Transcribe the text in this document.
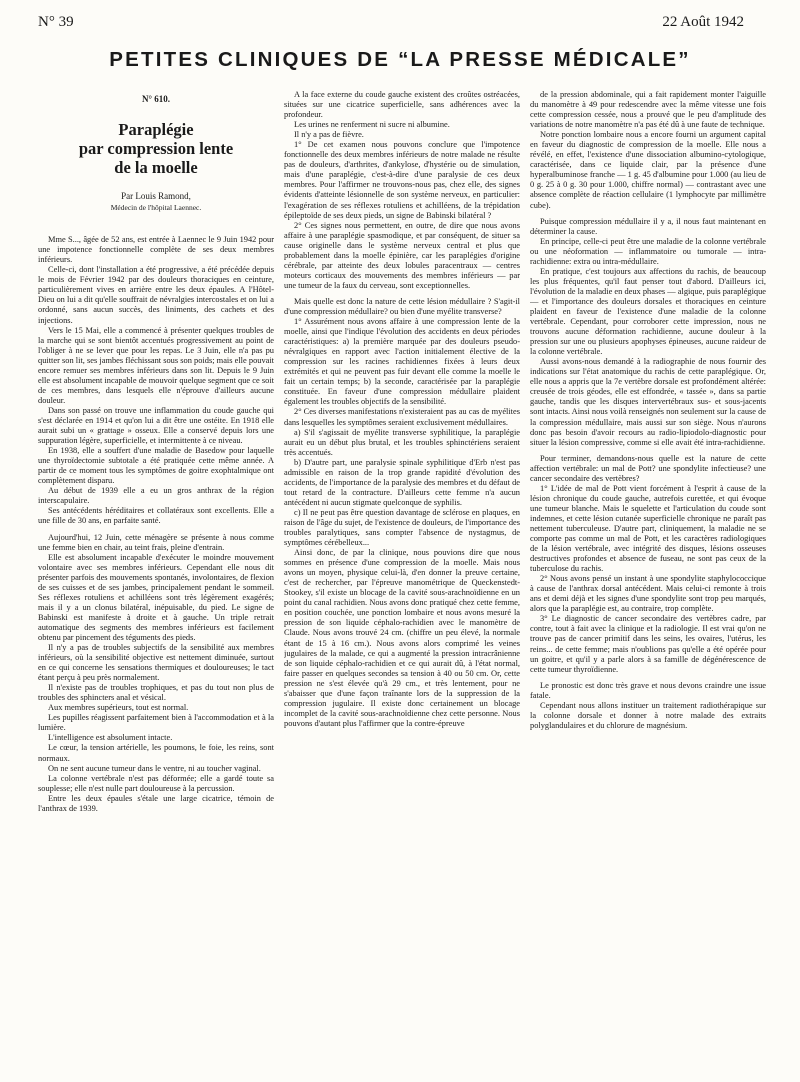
N° 39	22 Août 1942
PETITES CLINIQUES DE “LA PRESSE MÉDICALE”
N° 610.
Paraplégie
par compression lente
de la moelle
Par Louis Ramond,
Médecin de l'hôpital Laennec.

Mme S..., âgée de 52 ans, est entrée à Laennec le 9 Juin 1942 pour une impotence fonctionnelle complète de ses deux membres inférieurs.

Celle-ci, dont l'installation a été progressive, a été précédée depuis le mois de Février 1942 par des douleurs thoraciques en ceinture, particulièrement vives en arrière entre les deux épaules. A l'Hôtel-Dieu on lui a dit qu'elle souffrait de névralgies intercostales et on lui a ordonné, sans aucun succès, des liniments, des cachets et des injections.

Vers le 15 Mai, elle a commencé à présenter quelques troubles de la marche qui se sont bientôt accentués progressivement au point de l'obliger à ne se lever que pour les repas. Le 3 Juin, elle n'a pas pu quitter son lit, ses jambes fléchissant sous son poids; mais elle pouvait encore remuer ses membres inférieurs dans son lit. Depuis le 9 Juin elle est absolument incapable de mouvoir quelque segment que ce soit de ces membres, dans lesquels elle n'éprouve d'ailleurs aucune douleur.

Dans son passé on trouve une inflammation du coude gauche qui s'est déclarée en 1914 et qu'on lui a dit être une ostéite. En 1918 elle aurait subi un « grattage » osseux. Elle a conservé depuis lors une suppuration légère, superficielle, et intermittente à ce niveau.

En 1938, elle a souffert d'une maladie de Basedow pour laquelle une thyroïdectomie subtotale a été pratiquée cette même année. A partir de ce moment tous les symptômes de goitre exophtalmique ont complètement disparu.

Au début de 1939 elle a eu un gros anthrax de la région interscapulaire.

Ses antécédents héréditaires et collatéraux sont excellents. Elle a une fille de 30 ans, en parfaite santé.

Aujourd'hui, 12 Juin, cette ménagère se présente à nous comme une femme bien en chair, au teint frais, pleine d'entrain.

Elle est absolument incapable d'exécuter le moindre mouvement volontaire avec ses membres inférieurs. Cependant elle nous dit présenter parfois des mouvements spontanés, involontaires, de flexion de ses cuisses et de ses jambes, principalement pendant le sommeil. Ses réflexes rotuliens et achilléens sont très légèrement exagérés; mais il y a un clonus bilatéral, inépuisable, du pied. Le signe de Babinski est manifeste à droite et à gauche. Un triple retrait automatique des segments des membres inférieurs est facilement obtenu par pincement des téguments des pieds.

Il n'y a pas de troubles subjectifs de la sensibilité aux membres inférieurs, où la sensibilité objective est nettement diminuée, surtout en ce qui concerne les sensations thermiques et douloureuses; le tact étant perçu à peu près normalement.

Il n'existe pas de troubles trophiques, et pas du tout non plus de troubles des sphincters anal et vésical.

Aux membres supérieurs, tout est normal.

Les pupilles réagissent parfaitement bien à l'accommodation et à la lumière.

L'intelligence est absolument intacte.

Le cœur, la tension artérielle, les poumons, le foie, les reins, sont normaux.

On ne sent aucune tumeur dans le ventre, ni au toucher vaginal.

La colonne vertébrale n'est pas déformée; elle a gardé toute sa souplesse; elle n'est nulle part douloureuse à la percussion.

Entre les deux épaules s'étale une large cicatrice, témoin de l'anthrax de 1939.

A la face externe du coude gauche existent des croûtes ostréacées, situées sur une cicatrice superficielle, sans adhérences avec la profondeur.

Les urines ne renferment ni sucre ni albumine.

Il n'y a pas de fièvre.

1° De cet examen nous pouvons conclure que l'impotence fonctionnelle des deux membres inférieurs de notre malade ne résulte pas de douleurs, d'arthrites, d'ankylose, d'hystérie ou de simulation, mais d'une paraplégie, c'est-à-dire d'une paralysie de ces deux membres. Pour l'affirmer ne trouvons-nous pas, chez elle, des signes évidents d'atteinte lésionnelle de son système nerveux, en particulier: l'exagération de ses réflexes rotuliens et achilléens, de la trépidation épileptoïde de ses deux pieds, un signe de Babinski bilatéral ?

2° Ces signes nous permettent, en outre, de dire que nous avons affaire à une paraplégie spasmodique, et par conséquent, de situer sa cause originelle dans le système nerveux central et plus que probablement dans la moelle épinière, car les paraplégies d'origine cérébrale, par atteinte des deux lobules paracentraux — centres moteurs corticaux des mouvements des membres inférieurs — par une tumeur de la faux du cerveau, sont exceptionnelles.

Mais quelle est donc la nature de cette lésion médullaire ? S'agit-il d'une compression médullaire? ou bien d'une myélite transverse?

1° Assurément nous avons affaire à une compression lente de la moelle, ainsi que l'indique l'évolution des accidents en deux périodes caractéristiques: a) la première marquée par des douleurs pseudo-névralgiques en rapport avec l'action initialement élective de la compression sur les racines rachidiennes fixées à leurs deux extrémités et qui ne peuvent pas fuir devant elle comme la moelle le fait un certain temps; b) la seconde, caractérisée par la paraplégie constituée. En faveur d'une compression médullaire plaident également les troubles objectifs de la sensibilité.

2° Ces diverses manifestations n'existeraient pas au cas de myélites dans lesquelles les symptômes seraient exclusivement médullaires.

a) S'il s'agissait de myélite transverse syphilitique, la paraplégie aurait eu un début plus brutal, et les troubles sphinctériens seraient très accentués.

b) D'autre part, une paralysie spinale syphilitique d'Erb n'est pas admissible en raison de la trop grande rapidité d'évolution des accidents, de l'importance de la paralysie des membres et du défaut de tout retard de la contracture. D'ailleurs cette femme n'a aucun antécédent ni aucun stigmate quelconque de syphilis.

c) Il ne peut pas être question davantage de sclérose en plaques, en raison de l'âge du sujet, de l'existence de douleurs, de l'importance des troubles paralytiques, sans compter l'absence de nystagmus, de symptômes cérébelleux...

Ainsi donc, de par la clinique, nous pouvions dire que nous sommes en présence d'une compression de la moelle. Mais nous avons un moyen, physique celui-là, d'en donner la preuve certaine, c'est de rechercher, par l'épreuve manométrique de Queckenstedt-Stookey, s'il existe un blocage de la cavité sous-arachnoïdienne en un point du canal rachidien. Nous avons donc pratiqué chez cette femme, en position couchée, une ponction lombaire et nous avons mesuré la pression de son liquide céphalo-rachidien avec le manomètre de Claude. Nous avons trouvé 24 cm. (chiffre un peu élevé, la normale étant de 15 à 16 cm.). Nous avons alors comprimé les veines jugulaires de la malade, ce qui a augmenté la pression intracrânienne de son liquide céphalo-rachidien et ce qui aurait dû, à l'état normal, faire passer en quelques secondes sa tension à 40 ou 50 cm. Or, cette pression ne s'est élevée qu'à 29 cm., et très lentement, pour ne s'abaisser que d'une façon traînante lors de la suppression de la compression jugulaire. Il existe donc certainement un blocage incomplet de la cavité sous-arachnoïdienne chez cette personne. Nous pouvons d'autant plus l'affirmer que la contre-épreuve

de la pression abdominale, qui a fait rapidement monter l'aiguille du manomètre à 49 pour redescendre avec la même vitesse une fois cette compression cessée, nous a prouvé que le peu d'amplitude des variations de notre manomètre n'a pas été dû à une faute de technique.

Notre ponction lombaire nous a encore fourni un argument capital en faveur du diagnostic de compression de la moelle. Elle nous a révélé, en effet, l'existence d'une dissociation albumino-cytologique, caractérisée, dans ce liquide clair, par la présence d'une hyperalbuminose franche — 1 g. 45 d'albumine pour 1.000 (au lieu de 0 g. 25 à 0 g. 30 pour 1.000, chiffre normal) — contrastant avec une absence complète de réaction cellulaire (1 lymphocyte par millimètre cube).

Puisque compression médullaire il y a, il nous faut maintenant en déterminer la cause.

En principe, celle-ci peut être une maladie de la colonne vertébrale ou une néoformation — inflammatoire ou tumorale — intra-rachidienne: extra ou intra-médullaire.

En pratique, c'est toujours aux affections du rachis, de beaucoup les plus fréquentes, qu'il faut penser tout d'abord. D'ailleurs ici, l'évolution de la maladie en deux phases — algique, puis paraplégique — et l'importance des douleurs dorsales et thoraciques en ceinture plaident en faveur de l'existence d'une maladie de la colonne vertébrale. Cependant, pour corroborer cette impression, nous ne trouvons aucune déformation rachidienne, aucune douleur à la pression sur une ou plusieurs apophyses épineuses, aucune raideur de la colonne vertébrale.

Aussi avons-nous demandé à la radiographie de nous fournir des indications sur l'état anatomique du rachis de cette paraplégique. Or, elle nous a appris que la 7e vertèbre dorsale est profondément altérée: creusée de trois géodes, elle est effondrée, « tassée », dans sa partie gauche, tandis que les disques intervertébraux sus- et sous-jacents sont intacts. Ainsi nous voilà renseignés non seulement sur la cause de la compression médullaire, mais aussi sur son siège. Nous n'aurons donc pas besoin d'avoir recours au radio-lipiodolo-diagnostic pour situer la lésion compressive, comme si elle avait été intra-rachidienne.

Pour terminer, demandons-nous quelle est la nature de cette affection vertébrale: un mal de Pott? une spondylite infectieuse? une cancer secondaire des vertèbres?

1° L'idée de mal de Pott vient forcément à l'esprit à cause de la lésion chronique du coude gauche, autrefois curettée, et qui évoque une tumeur blanche. Mais le squelette et l'articulation du coude sont indemnes, et cette lésion cutanée superficielle chronique ne paraît pas nettement tuberculeuse. D'autre part, cliniquement, la maladie ne se comporte pas comme un mal de Pott, et les caractères radiologiques de la lésion vertébrale, avec intégrité des disques, lésions osseuses destructives profondes et absence de fuseau, ne sont pas ceux de la tuberculose du rachis.

2° Nous avons pensé un instant à une spondylite staphylococcique à cause de l'anthrax dorsal antécédent. Mais celui-ci remonte à trois ans et demi déjà et les signes d'une spondylite sont trop peu marqués, alors que la paraplégie est, au contraire, trop complète.

3° Le diagnostic de cancer secondaire des vertèbres cadre, par contre, tout à fait avec la clinique et la radiologie. Il est vrai qu'on ne trouve pas de cancer primitif dans les seins, les ovaires, l'utérus, les reins... de cette femme; mais n'oublions pas qu'elle a été opérée pour un goitre, et qu'il y a parle alors à sa famille de dégénérescence de cette tumeur thyroïdienne.

Le pronostic est donc très grave et nous devons craindre une issue fatale.

Cependant nous allons instituer un traitement radiothérapique sur la colonne dorsale et donner à notre malade des extraits polyglandulaires et du chlorure de magnésium.
